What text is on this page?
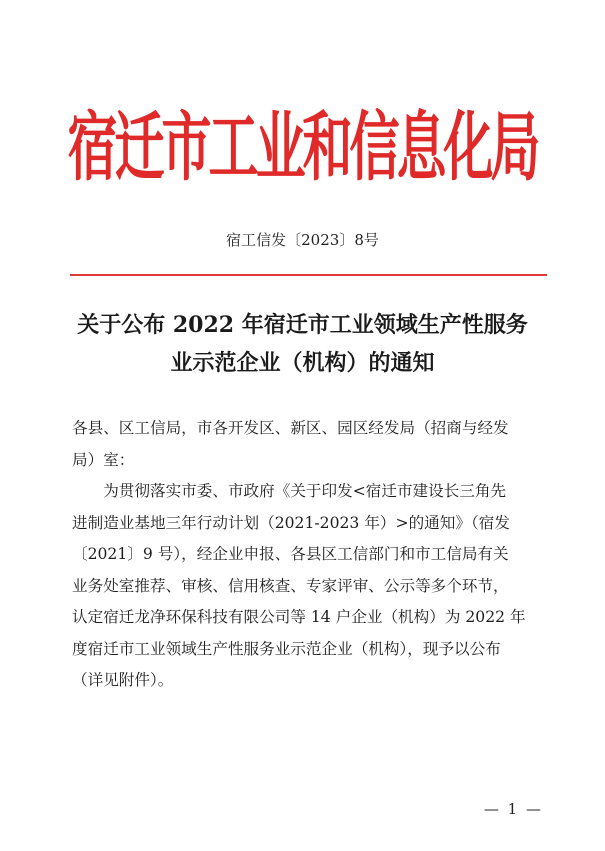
宿迁市工业和信息化局
宿工信发〔2023〕8号
关于公布 2022 年宿迁市工业领域生产性服务
业示范企业（机构）的通知
各县、区工信局，市各开发区、新区、园区经发局（招商与经发
局）室：
为贯彻落实市委、市政府《关于印发<宿迁市建设长三角先
进制造业基地三年行动计划（2021-2023 年）>的通知》（宿发
〔2021〕9 号），经企业申报、各县区工信部门和市工信局有关
业务处室推荐、审核、信用核查、专家评审、公示等多个环节，
认定宿迁龙净环保科技有限公司等 14 户企业（机构）为 2022 年
度宿迁市工业领域生产性服务业示范企业（机构），现予以公布
（详见附件）。
— 1 —
